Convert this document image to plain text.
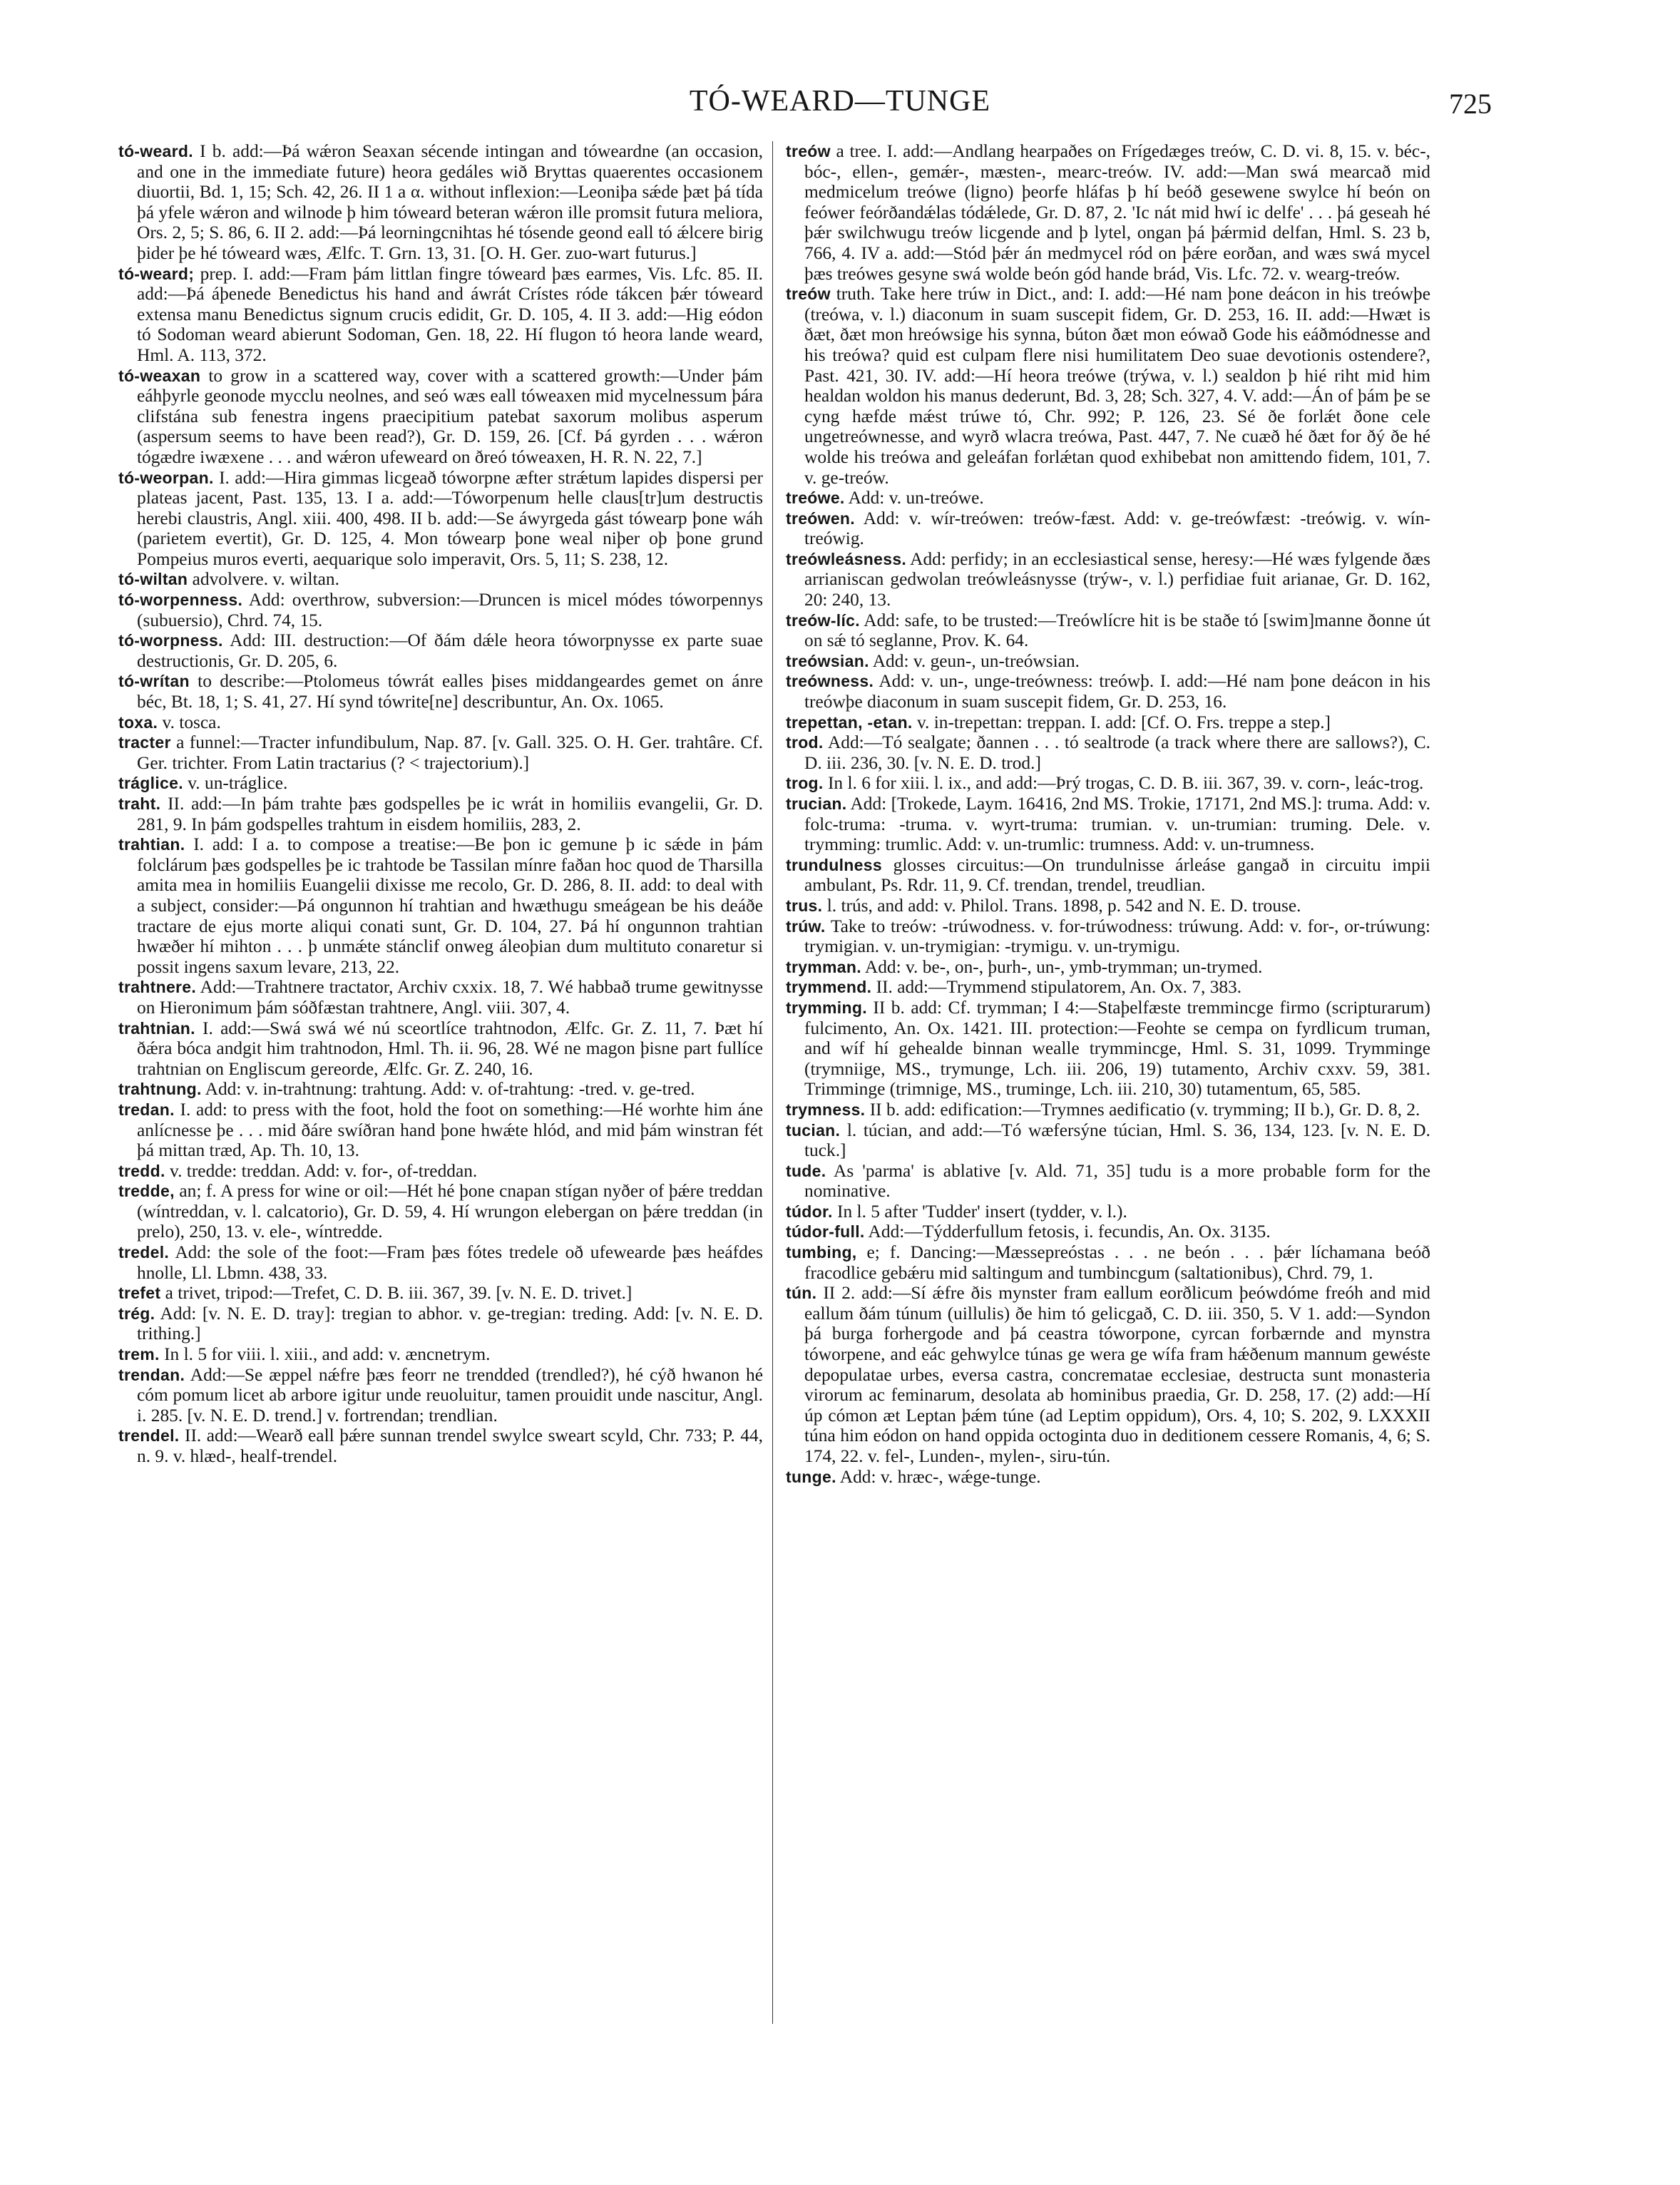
TÓ-WEARD—TUNGE	725

tó-weard. I b. add:—Þá wǽron Seaxan sécende intingan and tóweardne (an occasion, and one in the immediate future) heora gedáles wið Bryttas quaerentes occasionem diuortii, Bd. 1, 15; Sch. 42, 26. II 1 a α. without inflexion:—Leoniþa sǽde þæt þá tída þá yfele wǽron and wilnode þ him tóweard beteran wǽron ille promsit futura meliora, Ors. 2, 5; S. 86, 6. II 2. add:—Þá leorningcnihtas hé tósende geond eall tó ǽlcere birig þider þe hé tóweard wæs, Ælfc. T. Grn. 13, 31. [O. H. Ger. zuo-wart futurus.]

tó-weard; prep. I. add:—Fram þám littlan fingre tóweard þæs earmes, Vis. Lfc. 85. II. add:—Þá áþenede Benedictus his hand and áwrát Crístes róde tákcen þǽr tóweard extensa manu Benedictus signum crucis edidit, Gr. D. 105, 4. II 3. add:—Hig eódon tó Sodoman weard abierunt Sodoman, Gen. 18, 22. Hí flugon tó heora lande weard, Hml. A. 113, 372.

tó-weaxan to grow in a scattered way, cover with a scattered growth:—Under þám eáhþyrle geonode mycclu neolnes, and seó wæs eall tóweaxen mid mycelnessum þára clifstána sub fenestra ingens praecipitium patebat saxorum molibus asperum (aspersum seems to have been read?), Gr. D. 159, 26. [Cf. Þá gyrden . . . wǽron tógædre iwæxene . . . and wǽron ufeweard on ðreó tóweaxen, H. R. N. 22, 7.]

tó-weorpan. I. add:—Hira gimmas licgeað tóworpne æfter strǽtum lapides dispersi per plateas jacent, Past. 135, 13. I a. add:—Tóworpenum helle claus[tr]um destructis herebi claustris, Angl. xiii. 400, 498. II b. add:—Se áwyrgeda gást tówearp þone wáh (parietem evertit), Gr. D. 125, 4. Mon tówearp þone weal niþer oþ þone grund Pompeius muros everti, aequarique solo imperavit, Ors. 5, 11; S. 238, 12.

tó-wiltan advolvere. v. wiltan.

tó-worpenness. Add: overthrow, subversion:—Druncen is micel módes tóworpennys (subuersio), Chrd. 74, 15.

tó-worpness. Add: III. destruction:—Of ðám dǽle heora tóworpnysse ex parte suae destructionis, Gr. D. 205, 6.

tó-wrítan to describe:—Ptolomeus tówrát ealles þises middangeardes gemet on ánre béc, Bt. 18, 1; S. 41, 27. Hí synd tówrite[ne] describuntur, An. Ox. 1065.

toxa. v. tosca.

tracter a funnel:—Tracter infundibulum, Nap. 87. [v. Gall. 325. O. H. Ger. trahtâre. Cf. Ger. trichter. From Latin tractarius (? < trajectorium).]

tráglice. v. un-tráglice.

traht. II. add:—In þám trahte þæs godspelles þe ic wrát in homiliis evangelii, Gr. D. 281, 9. In þám godspelles trahtum in eisdem homiliis, 283, 2.

trahtian. I. add: I a. to compose a treatise:—Be þon ic gemune þ ic sǽde in þám folclárum þæs godspelles þe ic trahtode be Tassilan mínre faðan hoc quod de Tharsilla amita mea in homiliis Euangelii dixisse me recolo, Gr. D. 286, 8. II. add: to deal with a subject, consider:—Þá ongunnon hí trahtian and hwæthugu smeágean be his deáðe tractare de ejus morte aliqui conati sunt, Gr. D. 104, 27. Þá hí ongunnon trahtian hwæðer hí mihton . . . þ unmǽte stánclif onweg áleoþian dum multituto conaretur si possit ingens saxum levare, 213, 22.

trahtnere. Add:—Trahtnere tractator, Archiv cxxix. 18, 7. Wé habbað trume gewitnysse on Hieronimum þám sóðfæstan trahtnere, Angl. viii. 307, 4.

trahtnian. I. add:—Swá swá wé nú sceortlíce trahtnodon, Ælfc. Gr. Z. 11, 7. Þæt hí ðǽra bóca andgit him trahtnodon, Hml. Th. ii. 96, 28. Wé ne magon þisne part fullíce trahtnian on Engliscum gereorde, Ælfc. Gr. Z. 240, 16.

trahtnung. Add: v. in-trahtnung: trahtung. Add: v. of-trahtung: -tred. v. ge-tred.

tredan. I. add: to press with the foot, hold the foot on something:—Hé worhte him áne anlícnesse þe . . . mid ðáre swíðran hand þone hwǽte hlód, and mid þám winstran fét þá mittan træd, Ap. Th. 10, 13.

tredd. v. tredde: treddan. Add: v. for-, of-treddan.

tredde, an; f. A press for wine or oil:—Hét hé þone cnapan stígan nyðer of þǽre treddan (wíntreddan, v. l. calcatorio), Gr. D. 59, 4. Hí wrungon elebergan on þǽre treddan (in prelo), 250, 13. v. ele-, wíntredde.

tredel. Add: the sole of the foot:—Fram þæs fótes tredele oð ufewearde þæs heáfdes hnolle, Ll. Lbmn. 438, 33.

trefet a trivet, tripod:—Trefet, C. D. B. iii. 367, 39. [v. N. E. D. trivet.]

trég. Add: [v. N. E. D. tray]: tregian to abhor. v. ge-tregian: treding. Add: [v. N. E. D. trithing.]

trem. In l. 5 for viii. l. xiii., and add: v. æncnetrym.

trendan. Add:—Se æppel nǽfre þæs feorr ne trendded (trendled?), hé cýð hwanon hé cóm pomum licet ab arbore igitur unde reuoluitur, tamen prouidit unde nascitur, Angl. i. 285. [v. N. E. D. trend.] v. fortrendan; trendlian.

trendel. II. add:—Wearð eall þǽre sunnan trendel swylce sweart scyld, Chr. 733; P. 44, n. 9. v. hlæd-, healf-trendel.

treów a tree. I. add:—Andlang hearpaðes on Frígedæges treów, C. D. vi. 8, 15. v. béc-, bóc-, ellen-, gemǽr-, mæsten-, mearc-treów. IV. add:—Man swá mearcað mid medmicelum treówe (ligno) þeorfe hláfas þ hí beóð gesewene swylce hí beón on feówer feórðandǽlas tódǽlede, Gr. D. 87, 2. 'Ic nát mid hwí ic delfe' . . . þá geseah hé þǽr swilchwugu treów licgende and þ lytel, ongan þá þǽrmid delfan, Hml. S. 23 b, 766, 4. IV a. add:—Stód þǽr án medmycel ród on þǽre eorðan, and wæs swá mycel þæs treówes gesyne swá wolde beón gód hande brád, Vis. Lfc. 72. v. wearg-treów.

treów truth. Take here trúw in Dict., and: I. add:—Hé nam þone deácon in his treówþe (treówa, v. l.) diaconum in suam suscepit fidem, Gr. D. 253, 16. II. add:—Hwæt is ðæt, ðæt mon hreówsige his synna, búton ðæt mon eówað Gode his eáðmódnesse and his treówa? quid est culpam flere nisi humilitatem Deo suae devotionis ostendere?, Past. 421, 30. IV. add:—Hí heora treówe (trýwa, v. l.) sealdon þ hié riht mid him healdan woldon his manus dederunt, Bd. 3, 28; Sch. 327, 4. V. add:—Án of þám þe se cyng hæfde mǽst trúwe tó, Chr. 992; P. 126, 23. Sé ðe forlǽt ðone cele ungetreównesse, and wyrð wlacra treówa, Past. 447, 7. Ne cuæð hé ðæt for ðý ðe hé wolde his treówa and geleáfan forlǽtan quod exhibebat non amittendo fidem, 101, 7. v. ge-treów.

treówe. Add: v. un-treówe.

treówen. Add: v. wír-treówen: treów-fæst. Add: v. ge-treówfæst: -treówig. v. wín-treówig.

treówleásness. Add: perfidy; in an ecclesiastical sense, heresy:—Hé wæs fylgende ðæs arrianiscan gedwolan treówleásnysse (trýw-, v. l.) perfidiae fuit arianae, Gr. D. 162, 20: 240, 13.

treów-líc. Add: safe, to be trusted:—Treówlícre hit is be staðe tó [swim]manne ðonne út on sǽ tó seglanne, Prov. K. 64.

treówsian. Add: v. geun-, un-treówsian.

treówness. Add: v. un-, unge-treówness: treówþ. I. add:—Hé nam þone deácon in his treówþe diaconum in suam suscepit fidem, Gr. D. 253, 16.

trepettan, -etan. v. in-trepettan: treppan. I. add: [Cf. O. Frs. treppe a step.]

trod. Add:—Tó sealgate; ðannen . . . tó sealtrode (a track where there are sallows?), C. D. iii. 236, 30. [v. N. E. D. trod.]

trog. In l. 6 for xiii. l. ix., and add:—Þrý trogas, C. D. B. iii. 367, 39. v. corn-, leác-trog.

trucian. Add: [Trokede, Laym. 16416, 2nd MS. Trokie, 17171, 2nd MS.]: truma. Add: v. folc-truma: -truma. v. wyrt-truma: trumian. v. un-trumian: truming. Dele. v. trymming: trumlic. Add: v. un-trumlic: trumness. Add: v. un-trumness.

trundulness glosses circuitus:—On trundulnisse árleáse gangað in circuitu impii ambulant, Ps. Rdr. 11, 9. Cf. trendan, trendel, treudlian.

trus. l. trús, and add: v. Philol. Trans. 1898, p. 542 and N. E. D. trouse.

trúw. Take to treów: -trúwodness. v. for-trúwodness: trúwung. Add: v. for-, or-trúwung: trymigian. v. un-trymigian: -trymigu. v. un-trymigu.

trymman. Add: v. be-, on-, þurh-, un-, ymb-trymman; un-trymed.

trymmend. II. add:—Trymmend stipulatorem, An. Ox. 7, 383.

trymming. II b. add: Cf. trymman; I 4:—Staþelfæste tremmincge firmo (scripturarum) fulcimento, An. Ox. 1421. III. protection:—Feohte se cempa on fyrdlicum truman, and wíf hí gehealde binnan wealle trymmincge, Hml. S. 31, 1099. Trymminge (trymniige, MS., trymunge, Lch. iii. 206, 19) tutamento, Archiv cxxv. 59, 381. Trimminge (trimnige, MS., truminge, Lch. iii. 210, 30) tutamentum, 65, 585.

trymness. II b. add: edification:—Trymnes aedificatio (v. trymming; II b.), Gr. D. 8, 2.

tucian. l. túcian, and add:—Tó wæfersýne túcian, Hml. S. 36, 134, 123. [v. N. E. D. tuck.]

tude. As 'parma' is ablative [v. Ald. 71, 35] tudu is a more probable form for the nominative.

túdor. In l. 5 after 'Tudder' insert (tydder, v. l.).

túdor-full. Add:—Týdderfullum fetosis, i. fecundis, An. Ox. 3135.

tumbing, e; f. Dancing:—Mæssepreóstas . . . ne beón . . . þǽr líchamana beóð fracodlice gebǽru mid saltingum and tumbincgum (saltationibus), Chrd. 79, 1.

tún. II 2. add:—Sí ǽfre ðis mynster fram eallum eorðlicum þeówdóme freóh and mid eallum ðám túnum (uillulis) ðe him tó gelicgað, C. D. iii. 350, 5. V 1. add:—Syndon þá burga forhergode and þá ceastra tóworpone, cyrcan forbærnde and mynstra tóworpene, and eác gehwylce túnas ge wera ge wífa fram hǽðenum mannum gewéste depopulatae urbes, eversa castra, concrematae ecclesiae, destructa sunt monasteria virorum ac feminarum, desolata ab hominibus praedia, Gr. D. 258, 17. (2) add:—Hí úp cómon æt Leptan þǽm túne (ad Leptim oppidum), Ors. 4, 10; S. 202, 9. LXXXII túna him eódon on hand oppida octoginta duo in deditionem cessere Romanis, 4, 6; S. 174, 22. v. fel-, Lunden-, mylen-, siru-tún.

tunge. Add: v. hræc-, wǽge-tunge.
